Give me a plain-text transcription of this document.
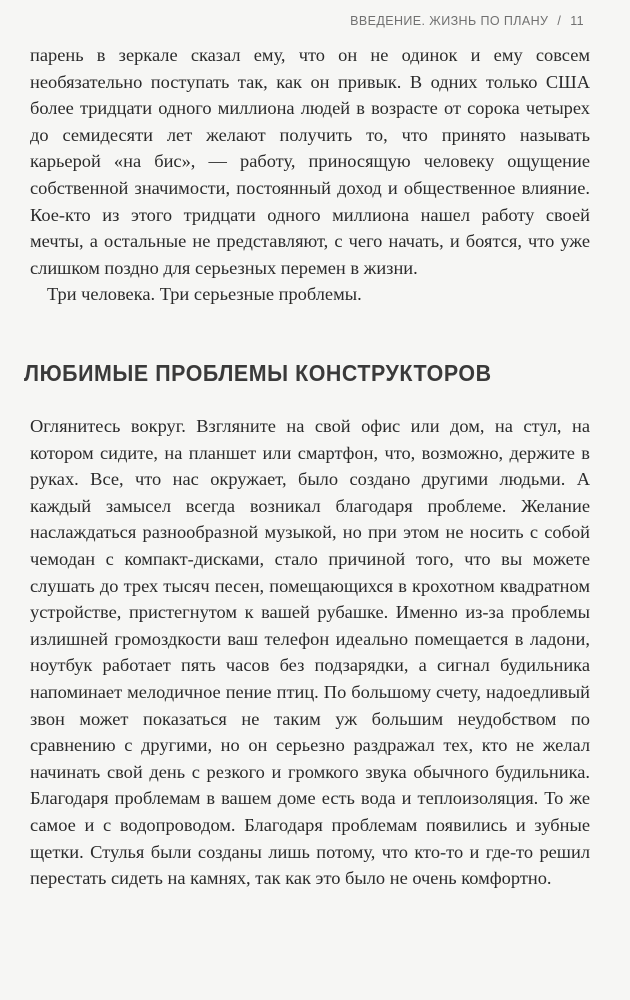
ВВЕДЕНИЕ. ЖИЗНЬ ПО ПЛАНУ / 11

парень в зеркале сказал ему, что он не одинок и ему совсем необязательно поступать так, как он привык. В одних только США более тридцати одного миллиона людей в возрасте от сорока четырех до семидесяти лет желают получить то, что принято называть карьерой «на бис», — работу, приносящую человеку ощущение собственной значимости, постоянный доход и общественное влияние. Кое-кто из этого тридцати одного миллиона нашел работу своей мечты, а остальные не представляют, с чего начать, и боятся, что уже слишком поздно для серьезных перемен в жизни.

Три человека. Три серьезные проблемы.

ЛЮБИМЫЕ ПРОБЛЕМЫ КОНСТРУКТОРОВ

Оглянитесь вокруг. Взгляните на свой офис или дом, на стул, на котором сидите, на планшет или смартфон, что, возможно, держите в руках. Все, что нас окружает, было создано другими людьми. А каждый замысел всегда возникал благодаря проблеме. Желание наслаждаться разнообразной музыкой, но при этом не носить с собой чемодан с компакт-дисками, стало причиной того, что вы можете слушать до трех тысяч песен, помещающихся в крохотном квадратном устройстве, пристегнутом к вашей рубашке. Именно из-за проблемы излишней громоздкости ваш телефон идеально помещается в ладони, ноутбук работает пять часов без подзарядки, а сигнал будильника напоминает мелодичное пение птиц. По большому счету, надоедливый звон может показаться не таким уж большим неудобством по сравнению с другими, но он серьезно раздражал тех, кто не желал начинать свой день с резкого и громкого звука обычного будильника. Благодаря проблемам в вашем доме есть вода и теплоизоляция. То же самое и с водопроводом. Благодаря проблемам появились и зубные щетки. Стулья были созданы лишь потому, что кто-то и где-то решил перестать сидеть на камнях, так как это было не очень комфортно.
